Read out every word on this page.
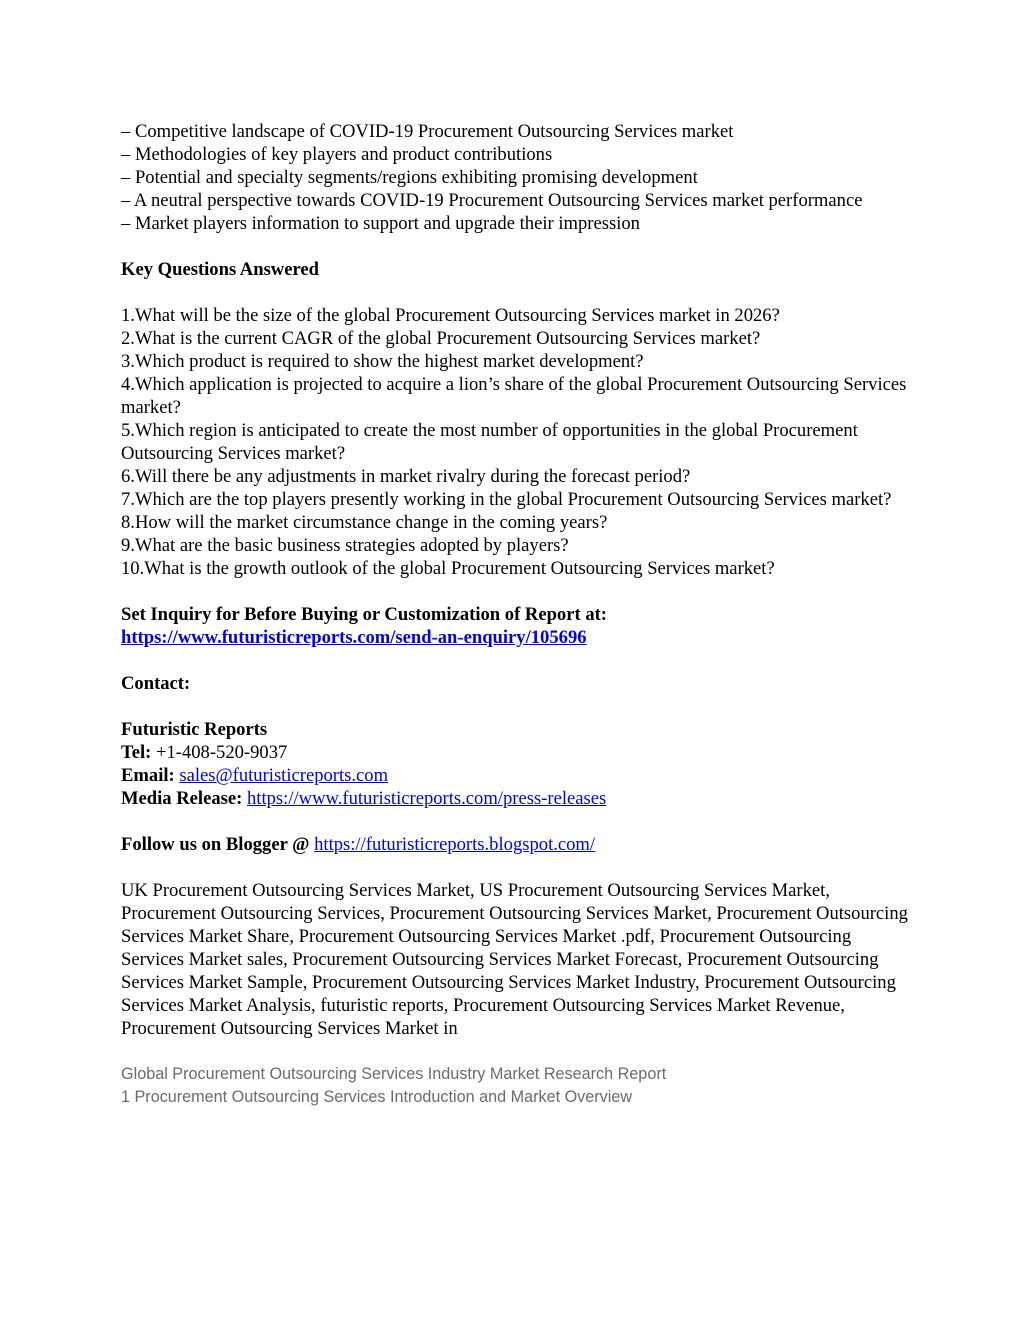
– Competitive landscape of COVID-19 Procurement Outsourcing Services market
– Methodologies of key players and product contributions
– Potential and specialty segments/regions exhibiting promising development
– A neutral perspective towards COVID-19 Procurement Outsourcing Services market performance
– Market players information to support and upgrade their impression

Key Questions Answered

1.What will be the size of the global Procurement Outsourcing Services market in 2026?
2.What is the current CAGR of the global Procurement Outsourcing Services market?
3.Which product is required to show the highest market development?
4.Which application is projected to acquire a lion’s share of the global Procurement Outsourcing Services market?
5.Which region is anticipated to create the most number of opportunities in the global Procurement Outsourcing Services market?
6.Will there be any adjustments in market rivalry during the forecast period?
7.Which are the top players presently working in the global Procurement Outsourcing Services market?
8.How will the market circumstance change in the coming years?
9.What are the basic business strategies adopted by players?
10.What is the growth outlook of the global Procurement Outsourcing Services market?

Set Inquiry for Before Buying or Customization of Report at:

https://www.futuristicreports.com/send-an-enquiry/105696

Contact:

Futuristic Reports

Tel: +1-408-520-9037

Email: sales@futuristicreports.com

Media Release: https://www.futuristicreports.com/press-releases

Follow us on Blogger @ https://futuristicreports.blogspot.com/

UK Procurement Outsourcing Services Market, US Procurement Outsourcing Services Market, Procurement Outsourcing Services, Procurement Outsourcing Services Market, Procurement Outsourcing Services Market Share, Procurement Outsourcing Services Market .pdf, Procurement Outsourcing Services Market sales, Procurement Outsourcing Services Market Forecast, Procurement Outsourcing Services Market Sample, Procurement Outsourcing Services Market Industry, Procurement Outsourcing Services Market Analysis, futuristic reports, Procurement Outsourcing Services Market Revenue, Procurement Outsourcing Services Market in

Global Procurement Outsourcing Services Industry Market Research Report
1 Procurement Outsourcing Services Introduction and Market Overview
